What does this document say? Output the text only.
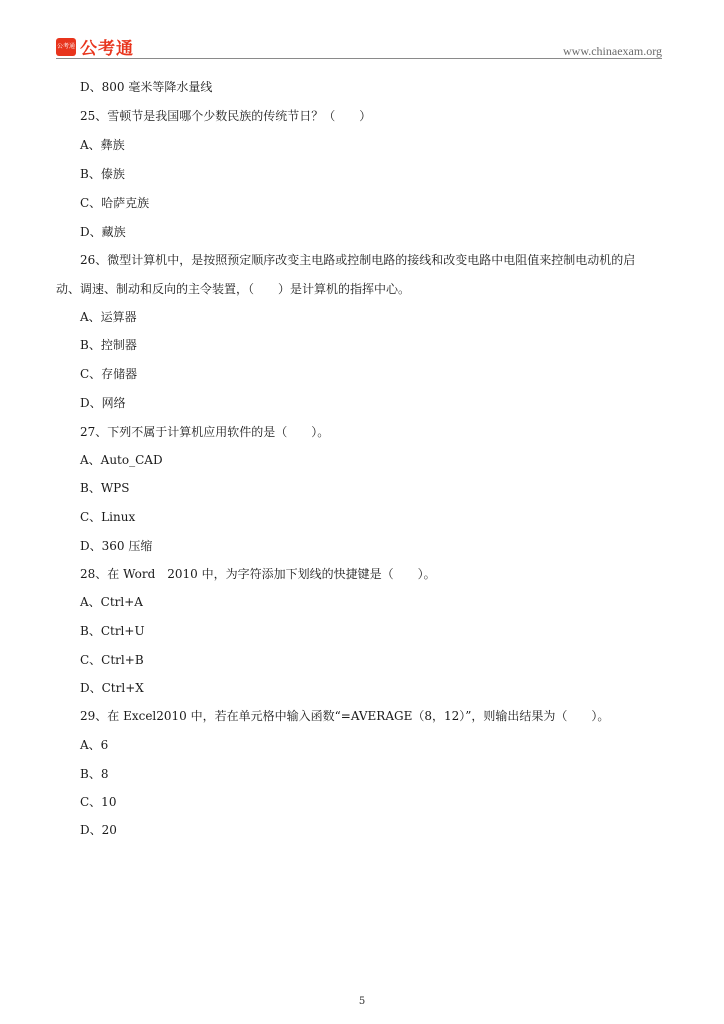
公考通 公考通	www.chinaexam.org
D、800 毫米等降水量线
25、雪顿节是我国哪个少数民族的传统节日？（　　）
A、彝族
B、傣族
C、哈萨克族
D、藏族
26、微型计算机中，是按照预定顺序改变主电路或控制电路的接线和改变电路中电阻值来控制电动机的启
动、调速、制动和反向的主令装置，（　　）是计算机的指挥中心。
A、运算器
B、控制器
C、存储器
D、网络
27、下列不属于计算机应用软件的是（　　）。
A、Auto_CAD
B、WPS
C、Linux
D、360 压缩
28、在 Word　2010 中，为字符添加下划线的快捷键是（　　）。
A、Ctrl+A
B、Ctrl+U
C、Ctrl+B
D、Ctrl+X
29、在 Excel2010 中，若在单元格中输入函数“=AVERAGE（8，12）”，则输出结果为（　　）。
A、6
B、8
C、10
D、20
5
